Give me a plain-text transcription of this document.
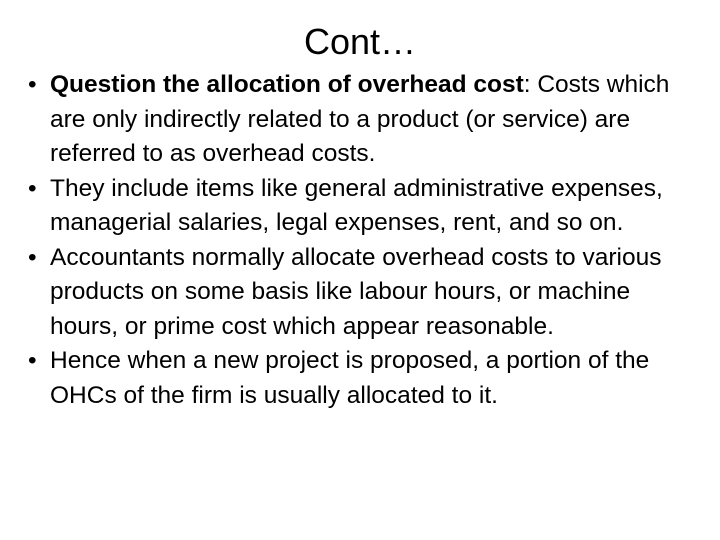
Cont…
• Question the allocation of overhead cost: Costs which are only indirectly related to a product (or service) are referred to as overhead costs.
• They include items like general administrative expenses, managerial salaries, legal expenses, rent, and so on.
• Accountants normally allocate overhead costs to various products on some basis like labour hours, or machine hours, or prime cost which appear reasonable.
• Hence when a new project is proposed, a portion of the OHCs of the firm is usually allocated to it.
